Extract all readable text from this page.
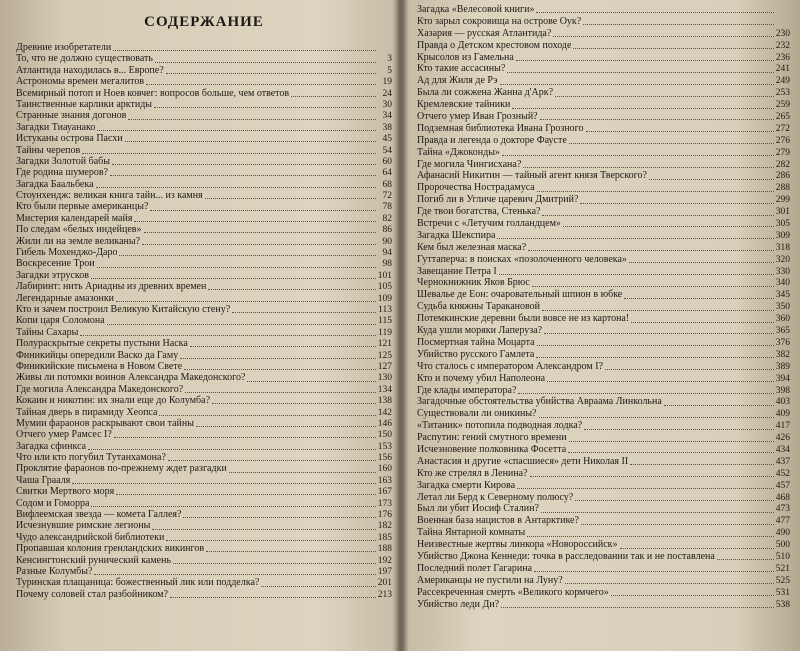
СОДЕРЖАНИЕ
Древние изобретатели
То, что не должно существовать	3
Атлантида находилась в... Европе?	5
Астрономы времен мегалитов	19
Всемирный потоп и Ноев ковчег: вопросов больше, чем ответов	24
Таинственные карлики арктиды	30
Странные знания догонов	34
Загадки Тиауанако	38
Истуканы острова Пасхи	45
Тайны черепов	54
Загадки Золотой бабы	60
Где родина шумеров?	64
Загадка Баальбека	68
Стоунхендж: великая книга тайн... из камня	72
Кто были первые американцы?	78
Мистерия календарей майя	82
По следам «белых индейцев»	86
Жили ли на земле великаны?	90
Гибель Мохенджо-Даро	94
Воскресение Трои	98
Загадки этрусков	101
Лабиринт: нить Ариадны из древних времен	105
Легендарные амазонки	109
Кто и зачем построил Великую Китайскую стену?	113
Копи царя Соломона	115
Тайны Сахары	119
Полураскрытые секреты пустыни Наска	121
Финикийцы опередили Васко да Гаму	125
Финикийские письмена в Новом Свете	127
Живы ли потомки воинов Александра Македонского?	130
Где могила Александра Македонского?	134
Кокаин и никотин: их знали еще до Колумба?	138
Тайная дверь в пирамиду Хеопса	142
Мумии фараонов раскрывают свои тайны	146
Отчего умер Рамсес I?	150
Загадка сфинкса	153
Что или кто погубил Тутанхамона?	156
Проклятие фараонов по-прежнему ждет разгадки	160
Чаша Грааля	163
Свитки Мертвого моря	167
Содом и Гоморра	173
Вифлеемская звезда — комета Галлея?	176
Исчезнувшие римские легионы	182
Чудо александрийской библиотеки	185
Пропавшая колония гренландских викингов	188
Кенсингтонский рунический камень	192
Разные Колумбы?	197
Туринская плащаница: божественный лик или подделка?	201
Почему соловей стал разбойником?	213
Загадка «Велесовой книги»
Кто зарыл сокровища на острове Оук?
Хазария — русская Атлантида?	230
Правда о Детском крестовом походе	232
Крысолов из Гамельна	236
Кто такие ассасины?	241
Ад для Жиля де Рэ	249
Была ли сожжена Жанна д'Арк?	253
Кремлевские тайники	259
Отчего умер Иван Грозный?	265
Подземная библиотека Ивана Грозного	272
Правда и легенда о докторе Фаусте	276
Тайна «Джоконды»	279
Где могила Чингисхана?	282
Афанасий Никитин — тайный агент князя Тверского?	286
Пророчества Нострадамуса	288
Погиб ли в Угличе царевич Дмитрий?	299
Где твои богатства, Стенька?	301
Встречи с «Летучим голландцем»	305
Загадка Шекспира	309
Кем был железная маска?	318
Гуттаперча: в поисках «позолоченного человека»	320
Завещание Петра I	330
Чернокнижник Яков Брюс	340
Шевалье де Еон: очаровательный шпион в юбке	345
Судьба княжны Таракановой	350
Потемкинские деревни были вовсе не из картона!	360
Куда ушли моряки Лаперуза?	365
Посмертная тайна Моцарта	376
Убийство русского Гамлета	382
Что сталось с императором Александром I?	389
Кто и почему убил Наполеона	394
Где клады императора?	398
Загадочные обстоятельства убийства Авраама Линкольна	403
Существовали ли оникины?	409
«Титаник» потопила подводная лодка?	417
Распутин: гений смутного времени	426
Исчезновение полковника Фосетта	434
Анастасия и другие «спасшиеся» дети Николая II	437
Кто же стрелял в Ленина?	452
Загадка смерти Кирова	457
Летал ли Берд к Северному полюсу?	468
Был ли убит Иосиф Сталин?	473
Военная база нацистов в Антарктике?	477
Тайна Янтарной комнаты	490
Неизвестные жертвы линкора «Новороссийск»	500
Убийство Джона Кеннеди: точка в расследовании так и не поставлена	510
Последний полет Гагарина	521
Американцы не пустили на Луну?	525
Рассекреченная смерть «Великого кормчего»	531
Убийство леди Ди?	538
